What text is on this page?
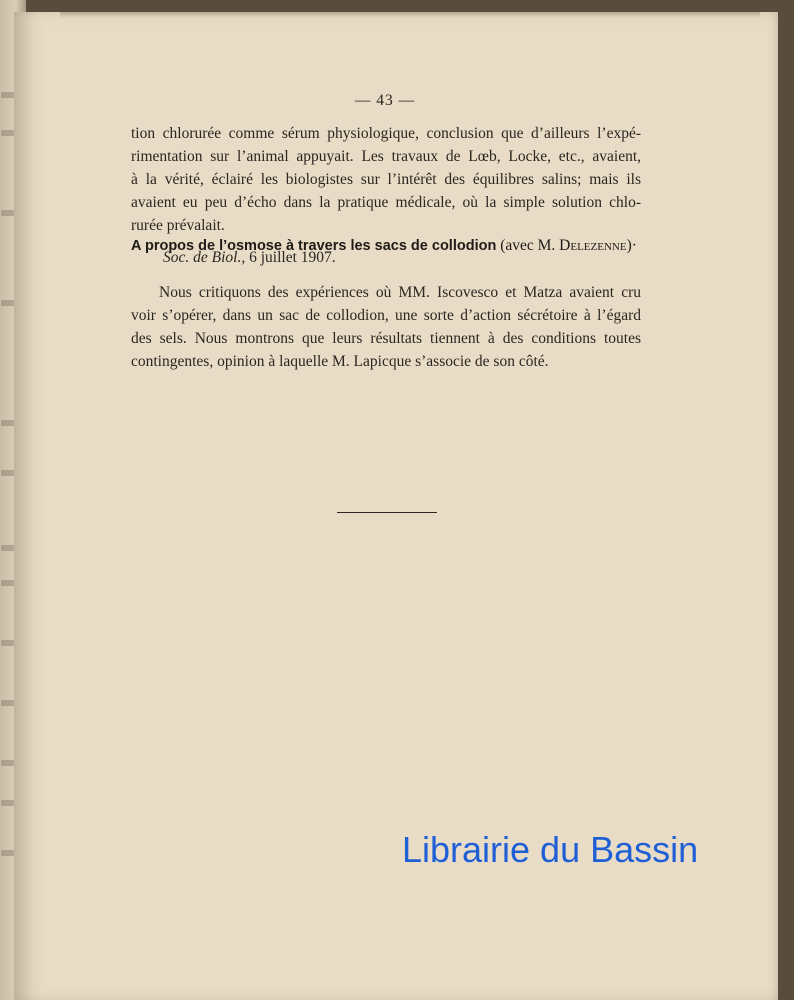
— 43 —
tion chlorurée comme sérum physiologique, conclusion que d’ailleurs l’expé-
rimentation sur l’animal appuyait. Les travaux de Lœb, Locke, etc., avaient,
à la vérité, éclairé les biologistes sur l’intérêt des équilibres salins; mais ils
avaient eu peu d’écho dans la pratique médicale, où la simple solution chlo-
rurée prévalait.
A propos de l’osmose à travers les sacs de collodion (avec M. Delezenne)·
Soc. de Biol., 6 juillet 1907.
Nous critiquons des expériences où MM. Iscovesco et Matza avaient cru
voir s’opérer, dans un sac de collodion, une sorte d’action sécrétoire à l’égard
des sels. Nous montrons que leurs résultats tiennent à des conditions toutes
contingentes, opinion à laquelle M. Lapicque s’associe de son côté.
Librairie du Bassin
